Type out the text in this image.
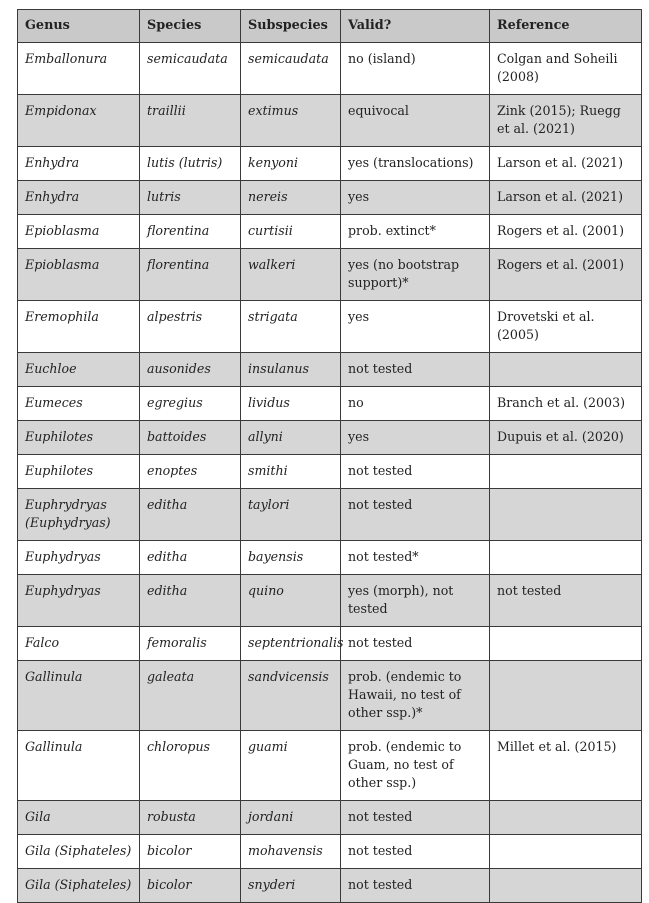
Genus	Species	Subspecies	Valid?	Reference
Emballonura	semicaudata	semicaudata	no (island)	Colgan and Soheili (2008)
Empidonax	traillii	extimus	equivocal	Zink (2015); Ruegg et al. (2021)
Enhydra	lutis (lutris)	kenyoni	yes (translocations)	Larson et al. (2021)
Enhydra	lutris	nereis	yes	Larson et al. (2021)
Epioblasma	florentina	curtisii	prob. extinct*	Rogers et al. (2001)
Epioblasma	florentina	walkeri	yes (no bootstrap support)*	Rogers et al. (2001)
Eremophila	alpestris	strigata	yes	Drovetski et al. (2005)
Euchloe	ausonides	insulanus	not tested	
Eumeces	egregius	lividus	no	Branch et al. (2003)
Euphilotes	battoides	allyni	yes	Dupuis et al. (2020)
Euphilotes	enoptes	smithi	not tested	
Euphrydryas (Euphydryas)	editha	taylori	not tested	
Euphydryas	editha	bayensis	not tested*	
Euphydryas	editha	quino	yes (morph), not tested	not tested
Falco	femoralis	septentrionalis	not tested	
Gallinula	galeata	sandvicensis	prob. (endemic to Hawaii, no test of other ssp.)*	
Gallinula	chloropus	guami	prob. (endemic to Guam, no test of other ssp.)	Millet et al. (2015)
Gila	robusta	jordani	not tested	
Gila (Siphateles)	bicolor	mohavensis	not tested	
Gila (Siphateles)	bicolor	snyderi	not tested	
